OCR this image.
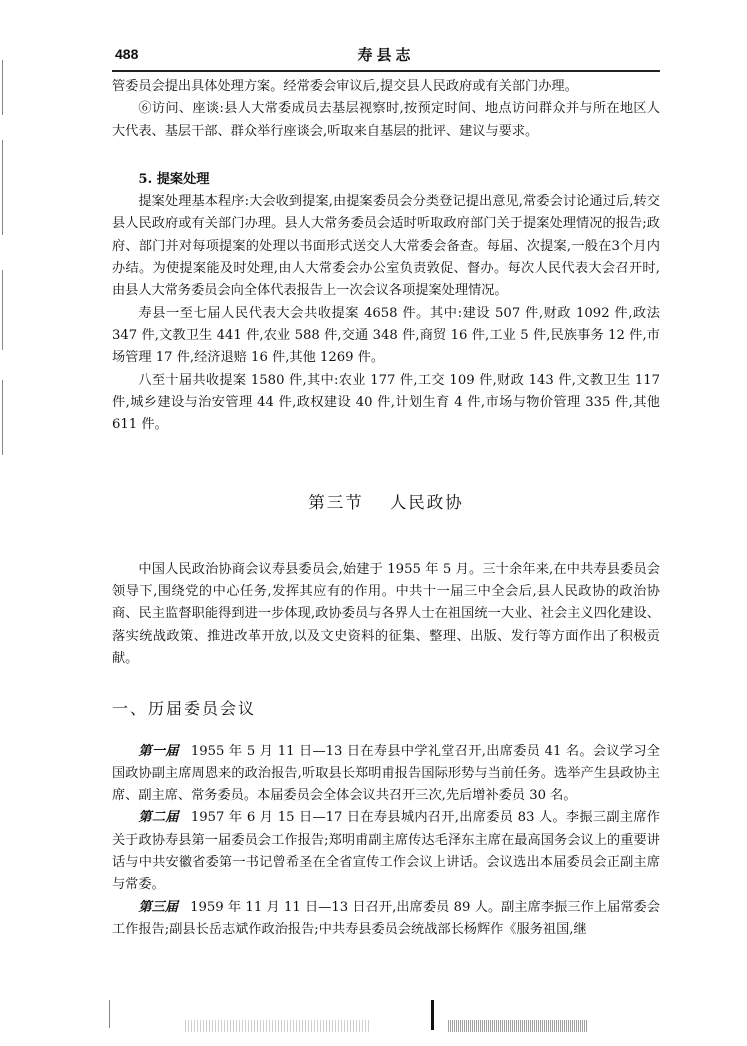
488	寿县志

管委员会提出具体处理方案。经常委会审议后,提交县人民政府或有关部门办理。

⑥访问、座谈:县人大常委成员去基层视察时,按预定时间、地点访问群众并与所在地区人大代表、基层干部、群众举行座谈会,听取来自基层的批评、建议与要求。

5. 提案处理

提案处理基本程序:大会收到提案,由提案委员会分类登记提出意见,常委会讨论通过后,转交县人民政府或有关部门办理。县人大常务委员会适时听取政府部门关于提案处理情况的报告;政府、部门并对每项提案的处理以书面形式送交人大常委会备查。每届、次提案,一般在3个月内办结。为使提案能及时处理,由人大常委会办公室负责敦促、督办。每次人民代表大会召开时,由县人大常务委员会向全体代表报告上一次会议各项提案处理情况。

寿县一至七届人民代表大会共收提案 4658 件。其中:建设 507 件,财政 1092 件,政法 347 件,文教卫生 441 件,农业 588 件,交通 348 件,商贸 16 件,工业 5 件,民族事务 12 件,市场管理 17 件,经济退赔 16 件,其他 1269 件。

八至十届共收提案 1580 件,其中:农业 177 件,工交 109 件,财政 143 件,文教卫生 117 件,城乡建设与治安管理 44 件,政权建设 40 件,计划生育 4 件,市场与物价管理 335 件,其他 611 件。

第三节 人民政协

中国人民政治协商会议寿县委员会,始建于 1955 年 5 月。三十余年来,在中共寿县委员会领导下,围绕党的中心任务,发挥其应有的作用。中共十一届三中全会后,县人民政协的政治协商、民主监督职能得到进一步体现,政协委员与各界人士在祖国统一大业、社会主义四化建设、落实统战政策、推进改革开放,以及文史资料的征集、整理、出版、发行等方面作出了积极贡献。

一、历届委员会议

第一届 1955 年 5 月 11 日—13 日在寿县中学礼堂召开,出席委员 41 名。会议学习全国政协副主席周恩来的政治报告,听取县长郑明甫报告国际形势与当前任务。选举产生县政协主席、副主席、常务委员。本届委员会全体会议共召开三次,先后增补委员 30 名。

第二届 1957 年 6 月 15 日—17 日在寿县城内召开,出席委员 83 人。李振三副主席作关于政协寿县第一届委员会工作报告;郑明甫副主席传达毛泽东主席在最高国务会议上的重要讲话与中共安徽省委第一书记曾希圣在全省宣传工作会议上讲话。会议选出本届委员会正副主席与常委。

第三届 1959 年 11 月 11 日—13 日召开,出席委员 89 人。副主席李振三作上届常委会工作报告;副县长岳志斌作政治报告;中共寿县委员会统战部长杨辉作《服务祖国,继
